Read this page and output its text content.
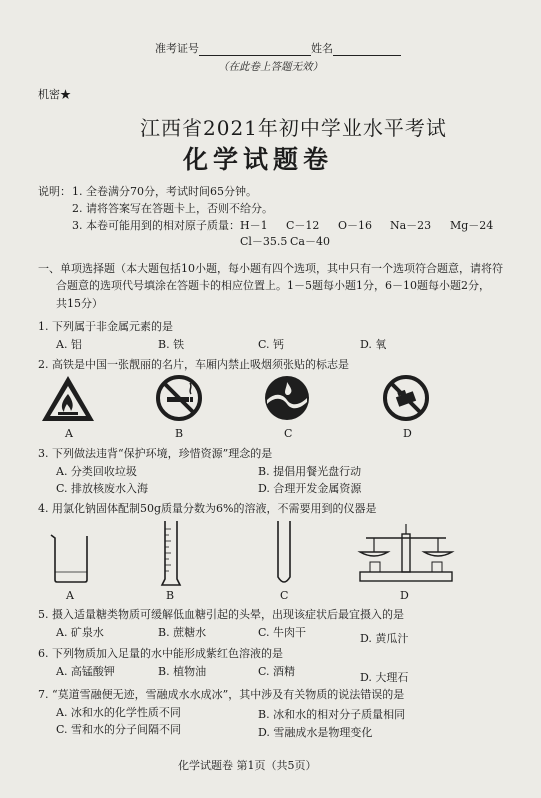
准考证号	姓名
（在此卷上答题无效）
机密★
江西省2021年初中学业水平考试
化学试题卷
说明： 1. 全卷满分70分，考试时间65分钟。
2. 请将答案写在答题卡上，否则不给分。
3. 本卷可能用到的相对原子质量：H－1 C－12 O－16 Na－23 Mg－24
Cl－35.5 Ca－40
一、单项选择题（本大题包括10小题，每小题有四个选项，其中只有一个选项符合题意，请将符
合题意的选项代号填涂在答题卡的相应位置上。1－5题每小题1分，6－10题每小题2分，
共15分）
1. 下列属于非金属元素的是
A. 铝	B. 铁	C. 钙	D. 氧
2. 高铁是中国一张靓丽的名片，车厢内禁止吸烟须张贴的标志是
A	B	C	D
3. 下列做法违背“保护环境，珍惜资源”理念的是
A. 分类回收垃圾	B. 提倡用餐光盘行动
C. 排放核废水入海	D. 合理开发金属资源
4. 用氯化钠固体配制50g质量分数为6%的溶液，不需要用到的仪器是
A	B	C	D
5. 摄入适量糖类物质可缓解低血糖引起的头晕，出现该症状后最宜摄入的是
A. 矿泉水	B. 蔗糖水	C. 牛肉干	D. 黄瓜汁
6. 下列物质加入足量的水中能形成紫红色溶液的是
A. 高锰酸钾	B. 植物油	C. 酒精	D. 大理石
7. “莫道雪融便无迹，雪融成水水成冰”，其中涉及有关物质的说法错误的是
A. 冰和水的化学性质不同	B. 冰和水的相对分子质量相同
C. 雪和水的分子间隔不同	D. 雪融成水是物理变化
化学试题卷 第1页（共5页）
